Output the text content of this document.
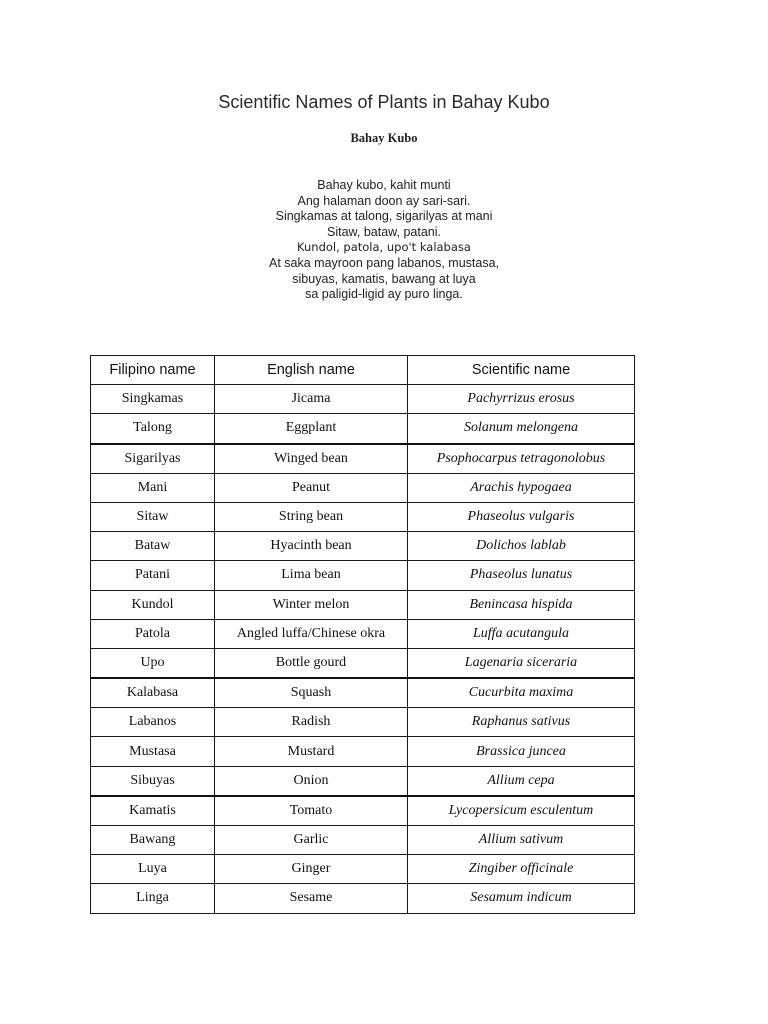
Scientific Names of Plants in Bahay Kubo
Bahay Kubo
Bahay kubo, kahit munti
Ang halaman doon ay sari-sari.
Singkamas at talong, sigarilyas at mani
Sitaw, bataw, patani.
Kundol, patola, upo't kalabasa
At saka mayroon pang labanos, mustasa,
sibuyas, kamatis, bawang at luya
sa paligid-ligid ay puro linga.
Filipino name	English name	Scientific name
Singkamas	Jicama	Pachyrrizus erosus
Talong	Eggplant	Solanum melongena
Sigarilyas	Winged bean	Psophocarpus tetragonolobus
Mani	Peanut	Arachis hypogaea
Sitaw	String bean	Phaseolus vulgaris
Bataw	Hyacinth bean	Dolichos lablab
Patani	Lima bean	Phaseolus lunatus
Kundol	Winter melon	Benincasa hispida
Patola	Angled luffa/Chinese okra	Luffa acutangula
Upo	Bottle gourd	Lagenaria siceraria
Kalabasa	Squash	Cucurbita maxima
Labanos	Radish	Raphanus sativus
Mustasa	Mustard	Brassica juncea
Sibuyas	Onion	Allium cepa
Kamatis	Tomato	Lycopersicum esculentum
Bawang	Garlic	Allium sativum
Luya	Ginger	Zingiber officinale
Linga	Sesame	Sesamum indicum
